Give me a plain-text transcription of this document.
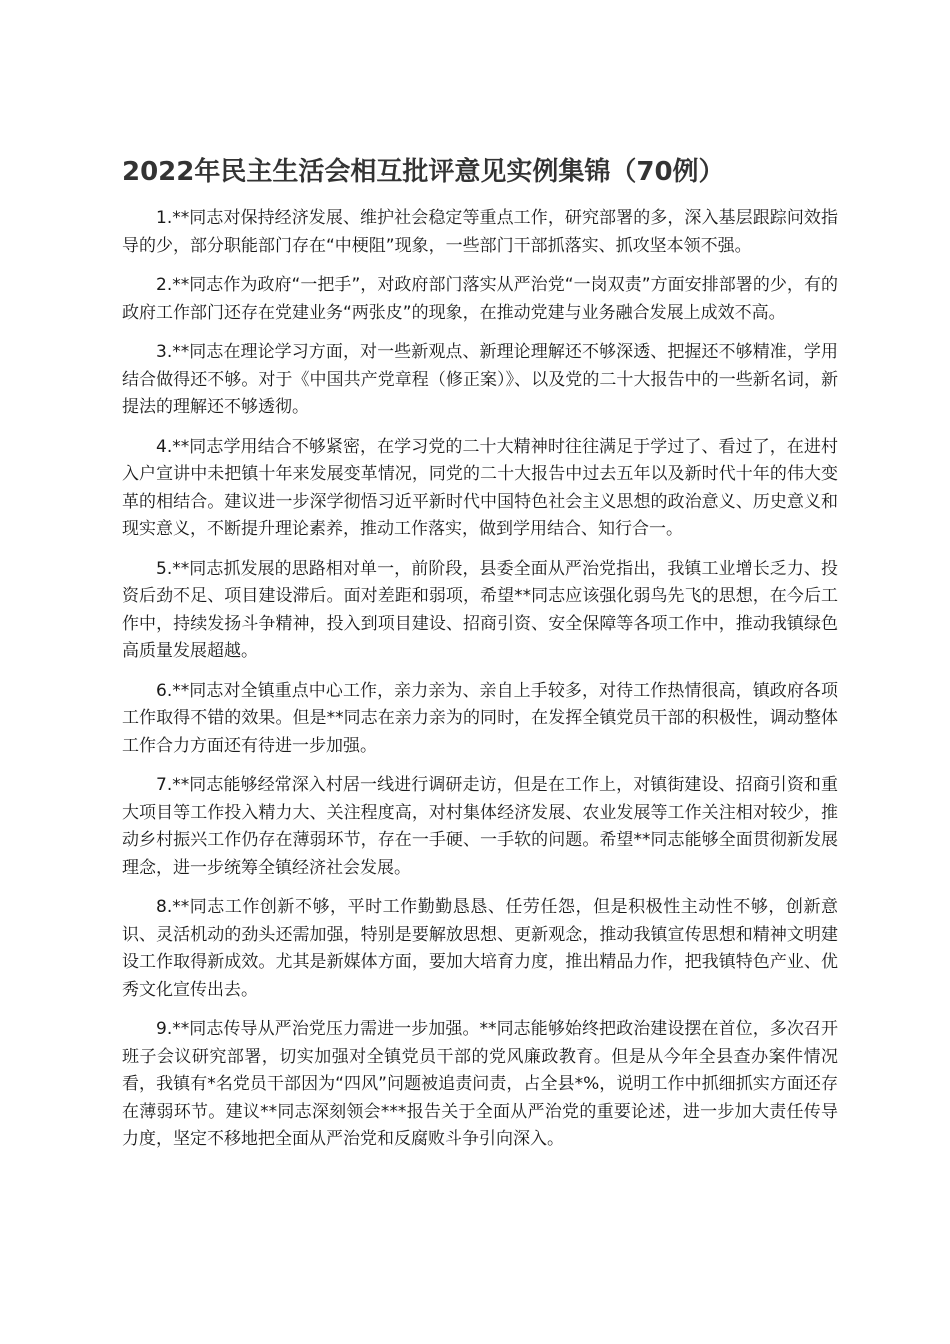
2022年民主生活会相互批评意见实例集锦（70例）

1.**同志对保持经济发展、维护社会稳定等重点工作，研究部署的多，深入基层跟踪问效指导的少，部分职能部门存在“中梗阻”现象，一些部门干部抓落实、抓攻坚本领不强。

2.**同志作为政府“一把手”，对政府部门落实从严治党“一岗双责”方面安排部署的少，有的政府工作部门还存在党建业务“两张皮”的现象，在推动党建与业务融合发展上成效不高。

3.**同志在理论学习方面，对一些新观点、新理论理解还不够深透、把握还不够精准，学用结合做得还不够。对于《中国共产党章程（修正案）》、以及党的二十大报告中的一些新名词，新提法的理解还不够透彻。

4.**同志学用结合不够紧密，在学习党的二十大精神时往往满足于学过了、看过了，在进村入户宣讲中未把镇十年来发展变革情况，同党的二十大报告中过去五年以及新时代十年的伟大变革的相结合。建议进一步深学彻悟习近平新时代中国特色社会主义思想的政治意义、历史意义和现实意义，不断提升理论素养，推动工作落实，做到学用结合、知行合一。

5.**同志抓发展的思路相对单一，前阶段，县委全面从严治党指出，我镇工业增长乏力、投资后劲不足、项目建设滞后。面对差距和弱项，希望**同志应该强化弱鸟先飞的思想，在今后工作中，持续发扬斗争精神，投入到项目建设、招商引资、安全保障等各项工作中，推动我镇绿色高质量发展超越。

6.**同志对全镇重点中心工作，亲力亲为、亲自上手较多，对待工作热情很高，镇政府各项工作取得不错的效果。但是**同志在亲力亲为的同时，在发挥全镇党员干部的积极性，调动整体工作合力方面还有待进一步加强。

7.**同志能够经常深入村居一线进行调研走访，但是在工作上，对镇街建设、招商引资和重大项目等工作投入精力大、关注程度高，对村集体经济发展、农业发展等工作关注相对较少，推动乡村振兴工作仍存在薄弱环节，存在一手硬、一手软的问题。希望**同志能够全面贯彻新发展理念，进一步统筹全镇经济社会发展。

8.**同志工作创新不够，平时工作勤勤恳恳、任劳任怨，但是积极性主动性不够，创新意识、灵活机动的劲头还需加强，特别是要解放思想、更新观念，推动我镇宣传思想和精神文明建设工作取得新成效。尤其是新媒体方面，要加大培育力度，推出精品力作，把我镇特色产业、优秀文化宣传出去。

9.**同志传导从严治党压力需进一步加强。**同志能够始终把政治建设摆在首位，多次召开班子会议研究部署，切实加强对全镇党员干部的党风廉政教育。但是从今年全县查办案件情况看，我镇有*名党员干部因为“四风”问题被追责问责，占全县*%，说明工作中抓细抓实方面还存在薄弱环节。建议**同志深刻领会***报告关于全面从严治党的重要论述，进一步加大责任传导力度，坚定不移地把全面从严治党和反腐败斗争引向深入。
